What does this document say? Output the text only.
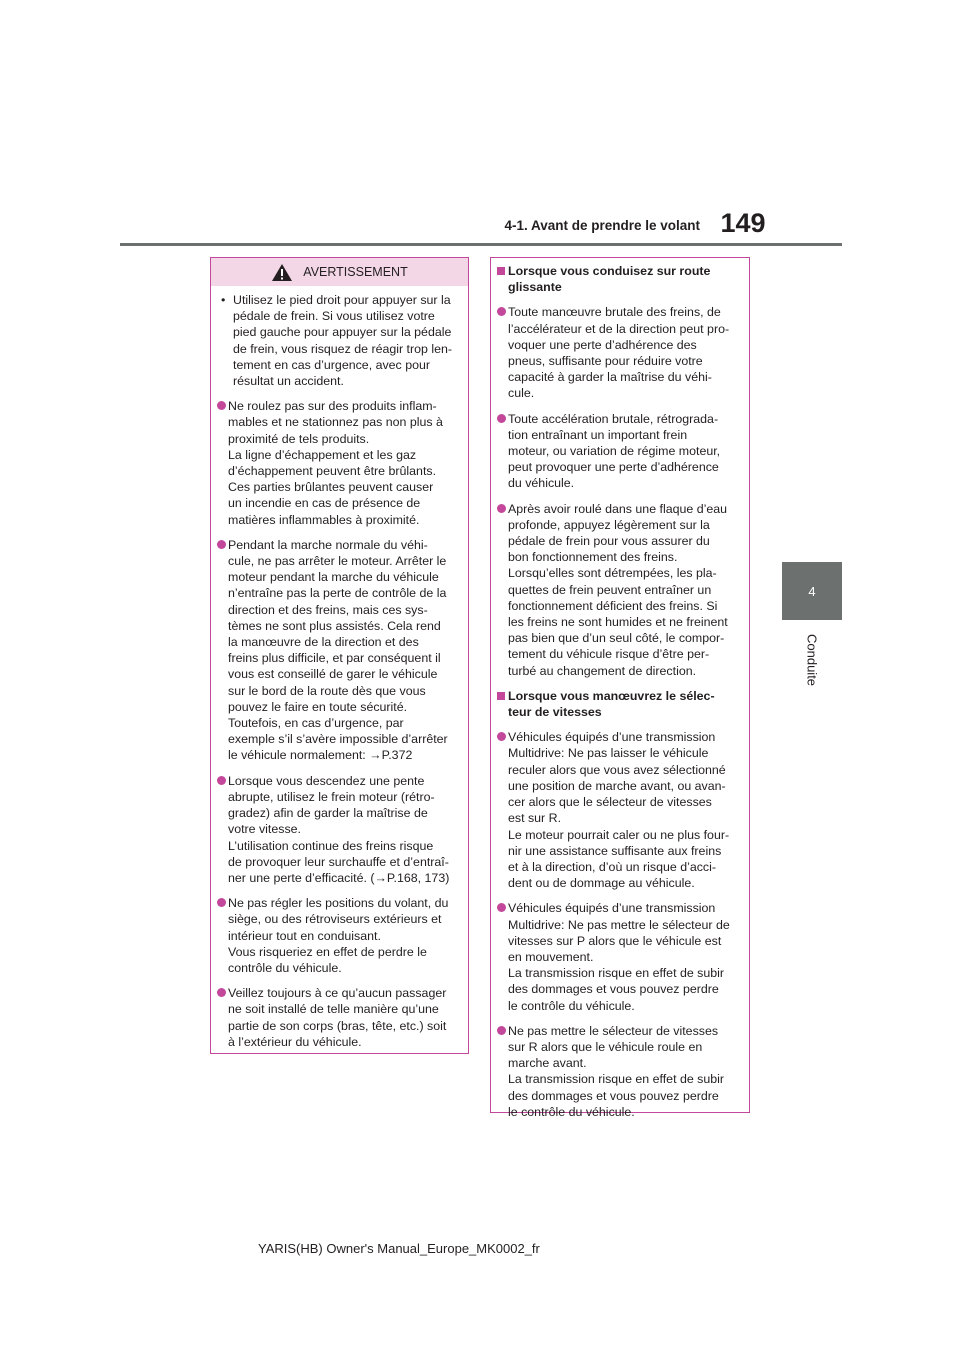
4-1. Avant de prendre le volant 149
4
Conduite
AVERTISSEMENT
• Utilisez le pied droit pour appuyer sur la
pédale de frein. Si vous utilisez votre
pied gauche pour appuyer sur la pédale
de frein, vous risquez de réagir trop len-
tement en cas d’urgence, avec pour
résultat un accident.
Ne roulez pas sur des produits inflam-
mables et ne stationnez pas non plus à
proximité de tels produits.
La ligne d’échappement et les gaz
d’échappement peuvent être brûlants.
Ces parties brûlantes peuvent causer
un incendie en cas de présence de
matières inflammables à proximité.
Pendant la marche normale du véhi-
cule, ne pas arrêter le moteur. Arrêter le
moteur pendant la marche du véhicule
n’entraîne pas la perte de contrôle de la
direction et des freins, mais ces sys-
tèmes ne sont plus assistés. Cela rend
la manœuvre de la direction et des
freins plus difficile, et par conséquent il
vous est conseillé de garer le véhicule
sur le bord de la route dès que vous
pouvez le faire en toute sécurité.
Toutefois, en cas d’urgence, par
exemple s’il s’avère impossible d’arrêter
le véhicule normalement: →P.372
Lorsque vous descendez une pente
abrupte, utilisez le frein moteur (rétro-
gradez) afin de garder la maîtrise de
votre vitesse.
L’utilisation continue des freins risque
de provoquer leur surchauffe et d’entraî-
ner une perte d’efficacité. (→P.168, 173)
Ne pas régler les positions du volant, du
siège, ou des rétroviseurs extérieurs et
intérieur tout en conduisant.
Vous risqueriez en effet de perdre le
contrôle du véhicule.
Veillez toujours à ce qu’aucun passager
ne soit installé de telle manière qu’une
partie de son corps (bras, tête, etc.) soit
à l’extérieur du véhicule.
Lorsque vous conduisez sur route
glissante
Toute manœuvre brutale des freins, de
l’accélérateur et de la direction peut pro-
voquer une perte d’adhérence des
pneus, suffisante pour réduire votre
capacité à garder la maîtrise du véhi-
cule.
Toute accélération brutale, rétrograda-
tion entraînant un important frein
moteur, ou variation de régime moteur,
peut provoquer une perte d’adhérence
du véhicule.
Après avoir roulé dans une flaque d’eau
profonde, appuyez légèrement sur la
pédale de frein pour vous assurer du
bon fonctionnement des freins.
Lorsqu’elles sont détrempées, les pla-
quettes de frein peuvent entraîner un
fonctionnement déficient des freins. Si
les freins ne sont humides et ne freinent
pas bien que d’un seul côté, le compor-
tement du véhicule risque d’être per-
turbé au changement de direction.
Lorsque vous manœuvrez le sélec-
teur de vitesses
Véhicules équipés d’une transmission
Multidrive: Ne pas laisser le véhicule
reculer alors que vous avez sélectionné
une position de marche avant, ou avan-
cer alors que le sélecteur de vitesses
est sur R.
Le moteur pourrait caler ou ne plus four-
nir une assistance suffisante aux freins
et à la direction, d’où un risque d’acci-
dent ou de dommage au véhicule.
Véhicules équipés d’une transmission
Multidrive: Ne pas mettre le sélecteur de
vitesses sur P alors que le véhicule est
en mouvement.
La transmission risque en effet de subir
des dommages et vous pouvez perdre
le contrôle du véhicule.
Ne pas mettre le sélecteur de vitesses
sur R alors que le véhicule roule en
marche avant.
La transmission risque en effet de subir
des dommages et vous pouvez perdre
le contrôle du véhicule.
YARIS(HB) Owner's Manual_Europe_MK0002_fr
